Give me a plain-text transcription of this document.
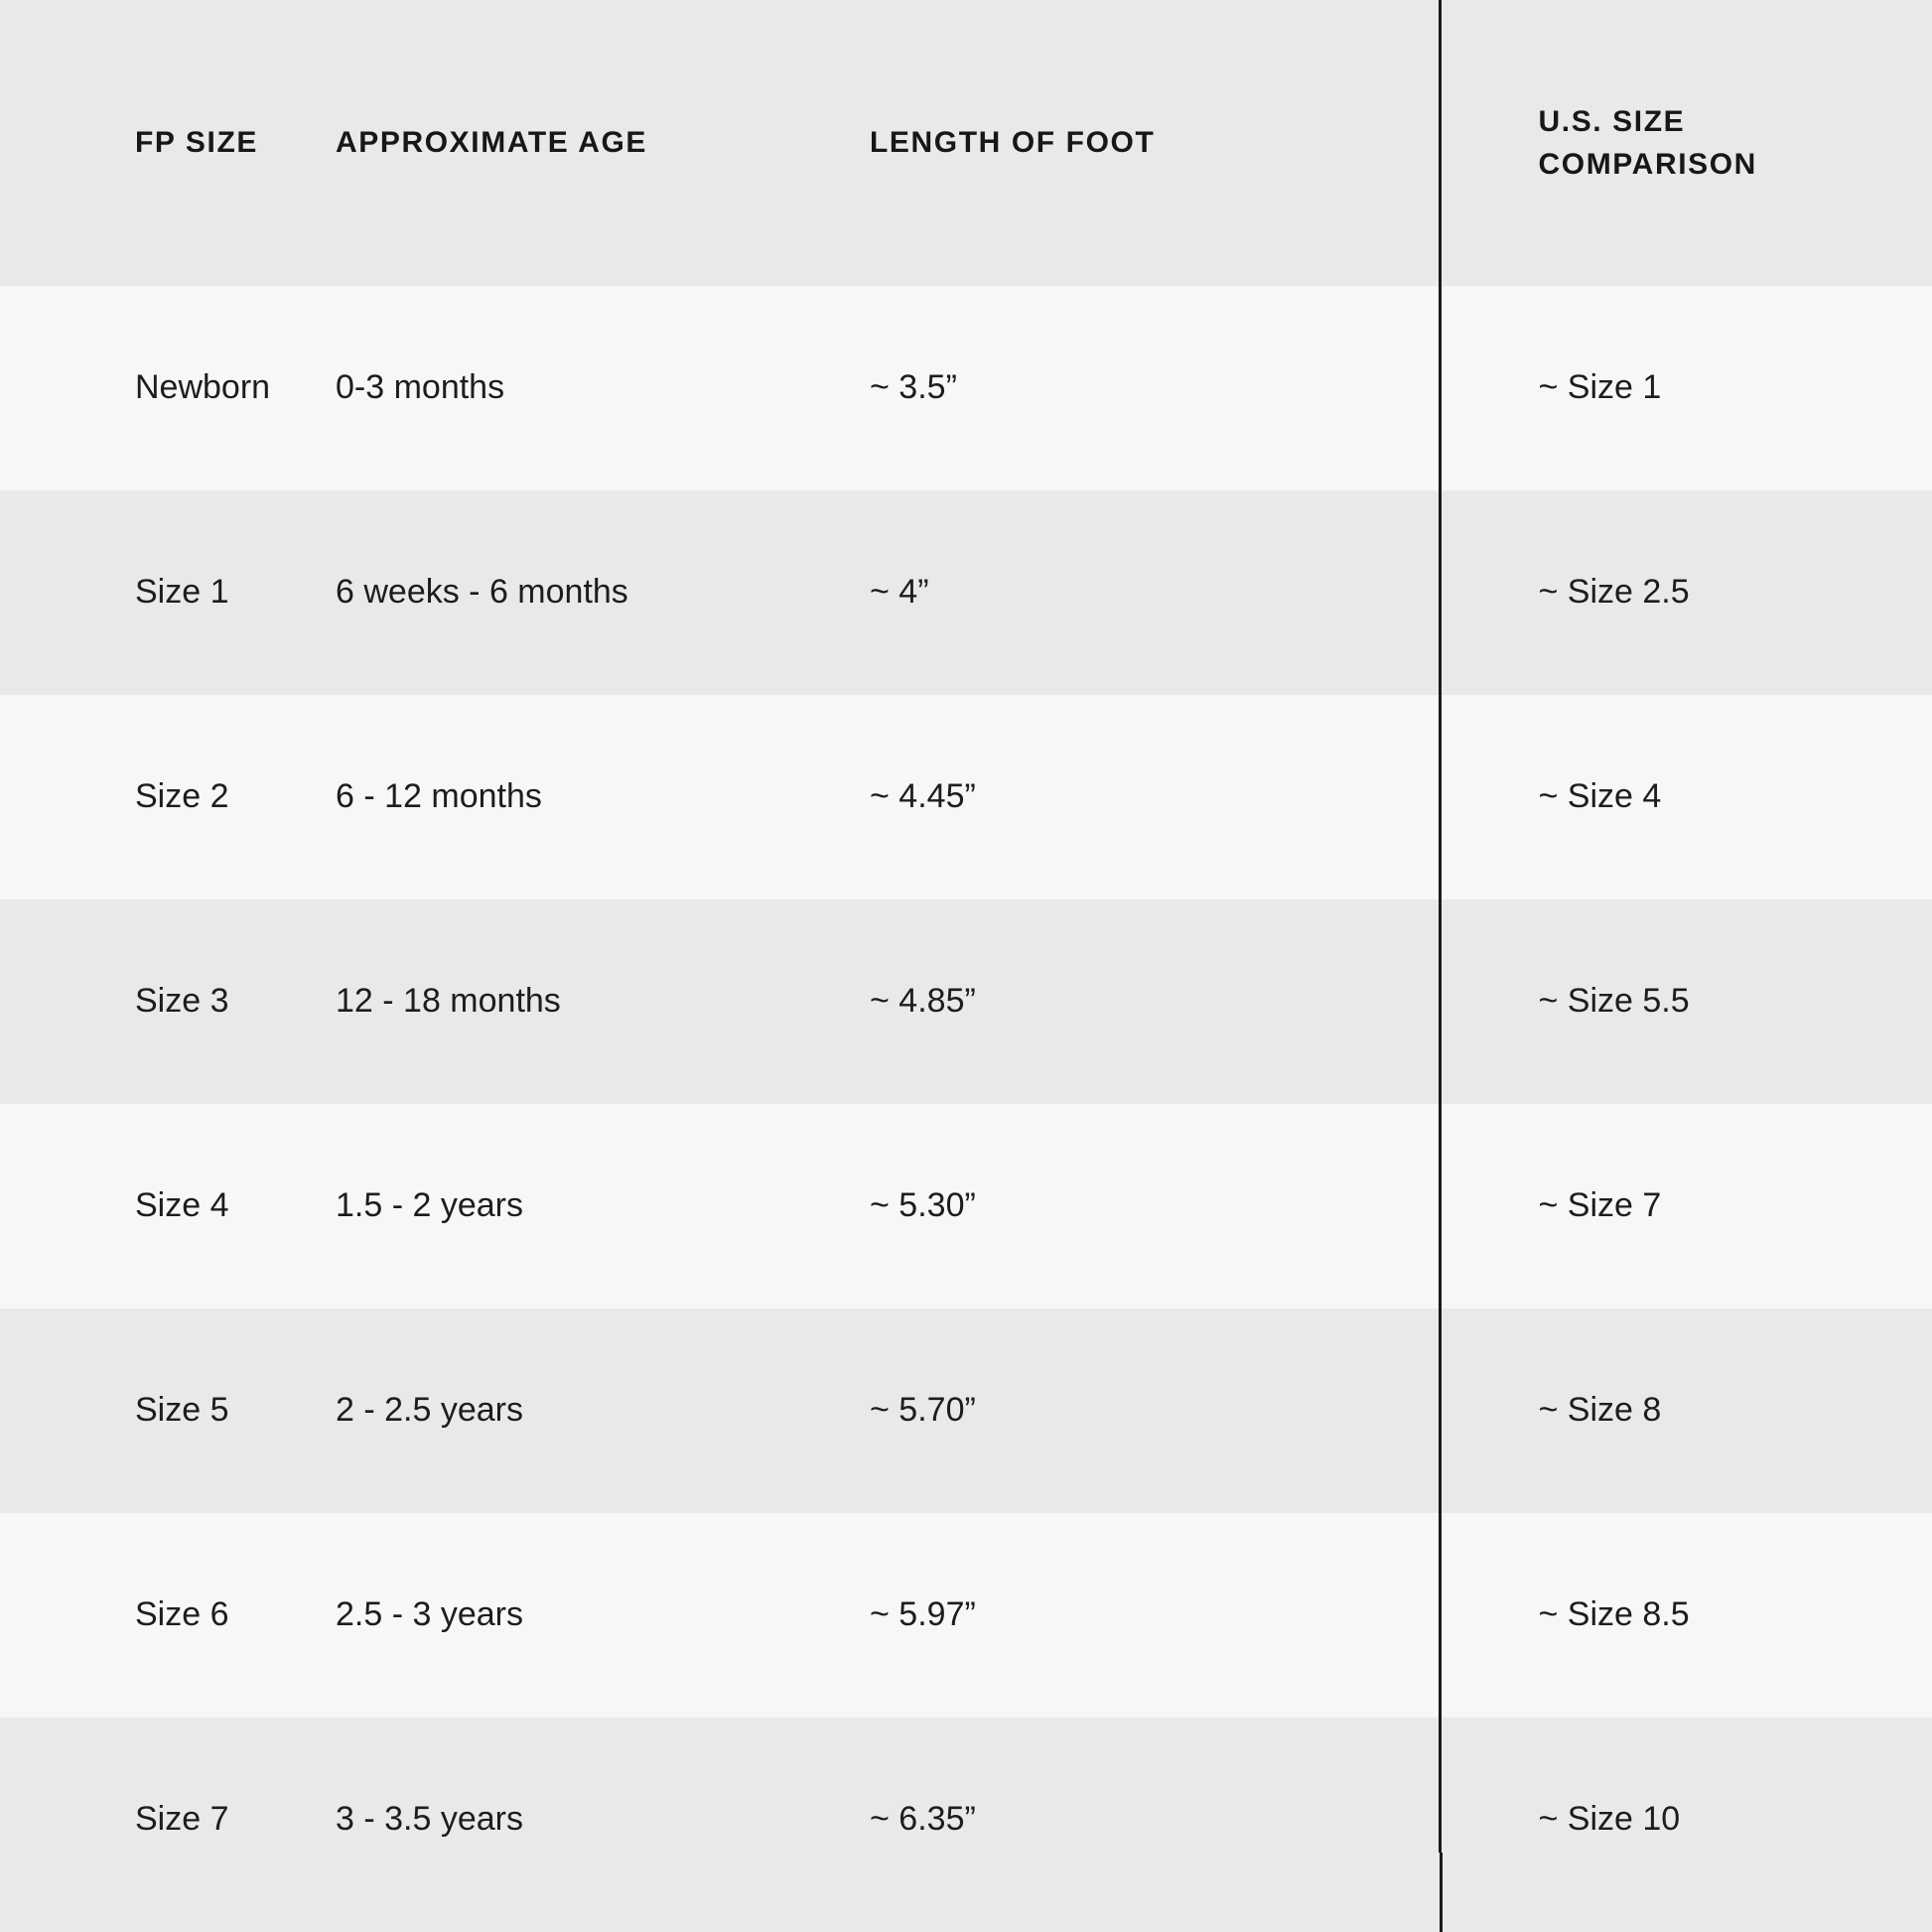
FP SIZE	APPROXIMATE AGE	LENGTH OF FOOT	U.S. SIZE
COMPARISON

Newborn	0-3 months	~ 3.5”	~ Size 1
Size 1	6 weeks - 6 months	~ 4”	~ Size 2.5
Size 2	6 - 12 months	~ 4.45”	~ Size 4
Size 3	12 - 18 months	~ 4.85”	~ Size 5.5
Size 4	1.5 - 2 years	~ 5.30”	~ Size 7
Size 5	2 - 2.5 years	~ 5.70”	~ Size 8
Size 6	2.5 - 3 years	~ 5.97”	~ Size 8.5
Size 7	3 - 3.5 years	~ 6.35”	~ Size 10
